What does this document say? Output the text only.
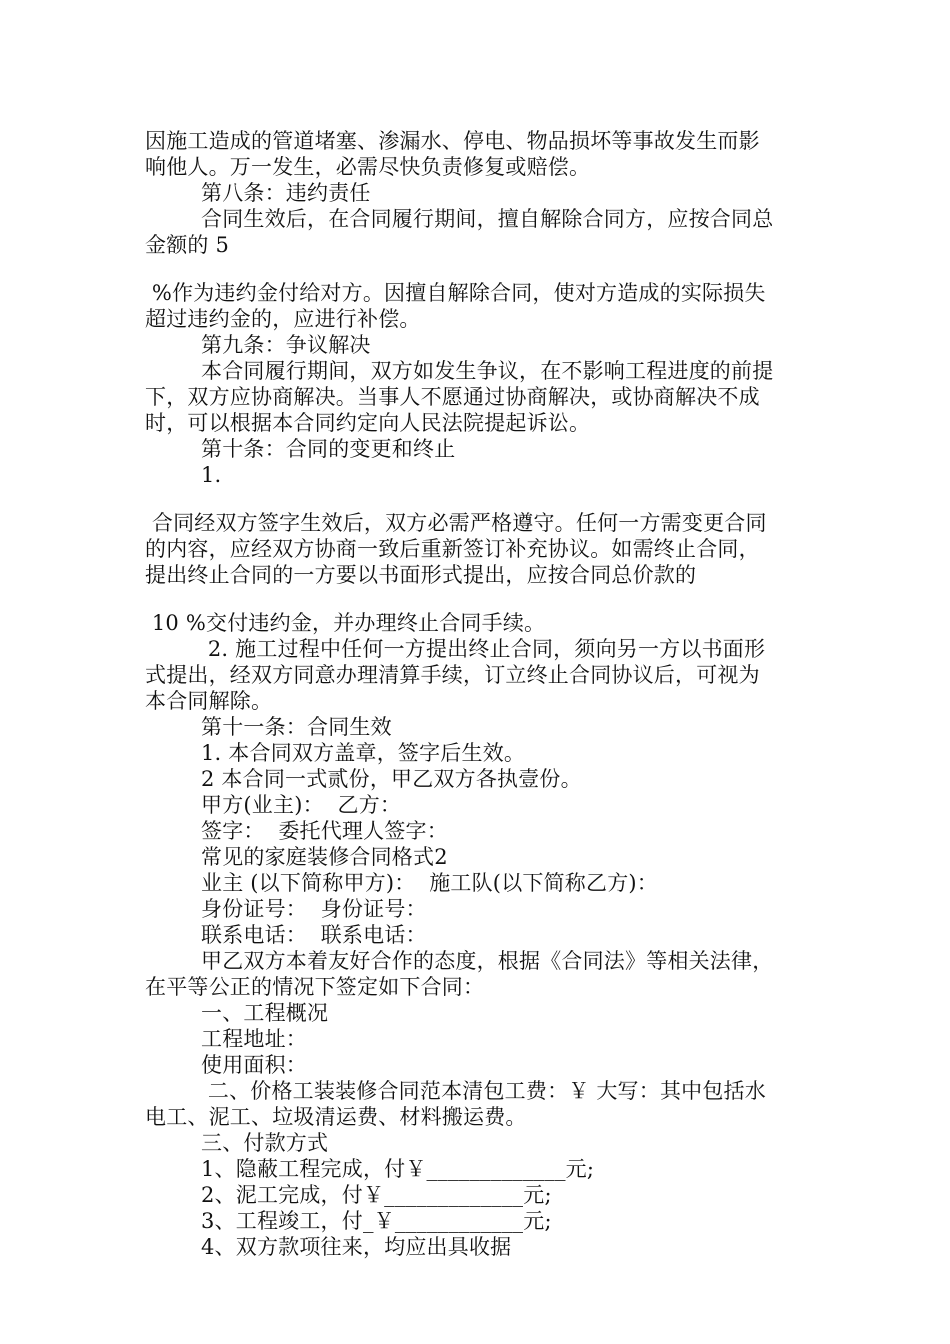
因施工造成的管道堵塞、渗漏水、停电、物品损坏等事故发生而影
响他人。万一发生，必需尽快负责修复或赔偿。
第八条：违约责任
合同生效后，在合同履行期间，擅自解除合同方，应按合同总
金额的 5
%作为违约金付给对方。因擅自解除合同，使对方造成的实际损失
超过违约金的，应进行补偿。
第九条：争议解决
本合同履行期间，双方如发生争议，在不影响工程进度的前提
下，双方应协商解决。当事人不愿通过协商解决，或协商解决不成
时，可以根据本合同约定向人民法院提起诉讼。
第十条：合同的变更和终止
1.
合同经双方签字生效后，双方必需严格遵守。任何一方需变更合同
的内容，应经双方协商一致后重新签订补充协议。如需终止合同，
提出终止合同的一方要以书面形式提出，应按合同总价款的
10 %交付违约金，并办理终止合同手续。
2. 施工过程中任何一方提出终止合同，须向另一方以书面形
式提出，经双方同意办理清算手续，订立终止合同协议后，可视为
本合同解除。
第十一条：合同生效
1. 本合同双方盖章，签字后生效。
2 本合同一式贰份，甲乙双方各执壹份。
甲方(业主)：  乙方：
签字：  委托代理人签字：
常见的家庭装修合同格式2
业主 (以下简称甲方)：  施工队(以下简称乙方)：
身份证号：  身份证号：
联系电话：  联系电话：
甲乙双方本着友好合作的态度，根据《合同法》等相关法律，
在平等公正的情况下签定如下合同：
一、工程概况
工程地址：
使用面积：
二、价格工装装修合同范本清包工费：￥ 大写：其中包括水
电工、泥工、垃圾清运费、材料搬运费。
三、付款方式
1、隐蔽工程完成，付￥_____________元;
2、泥工完成，付￥_____________元;
3、工程竣工，付_￥____________元;
4、双方款项往来，均应出具收据
